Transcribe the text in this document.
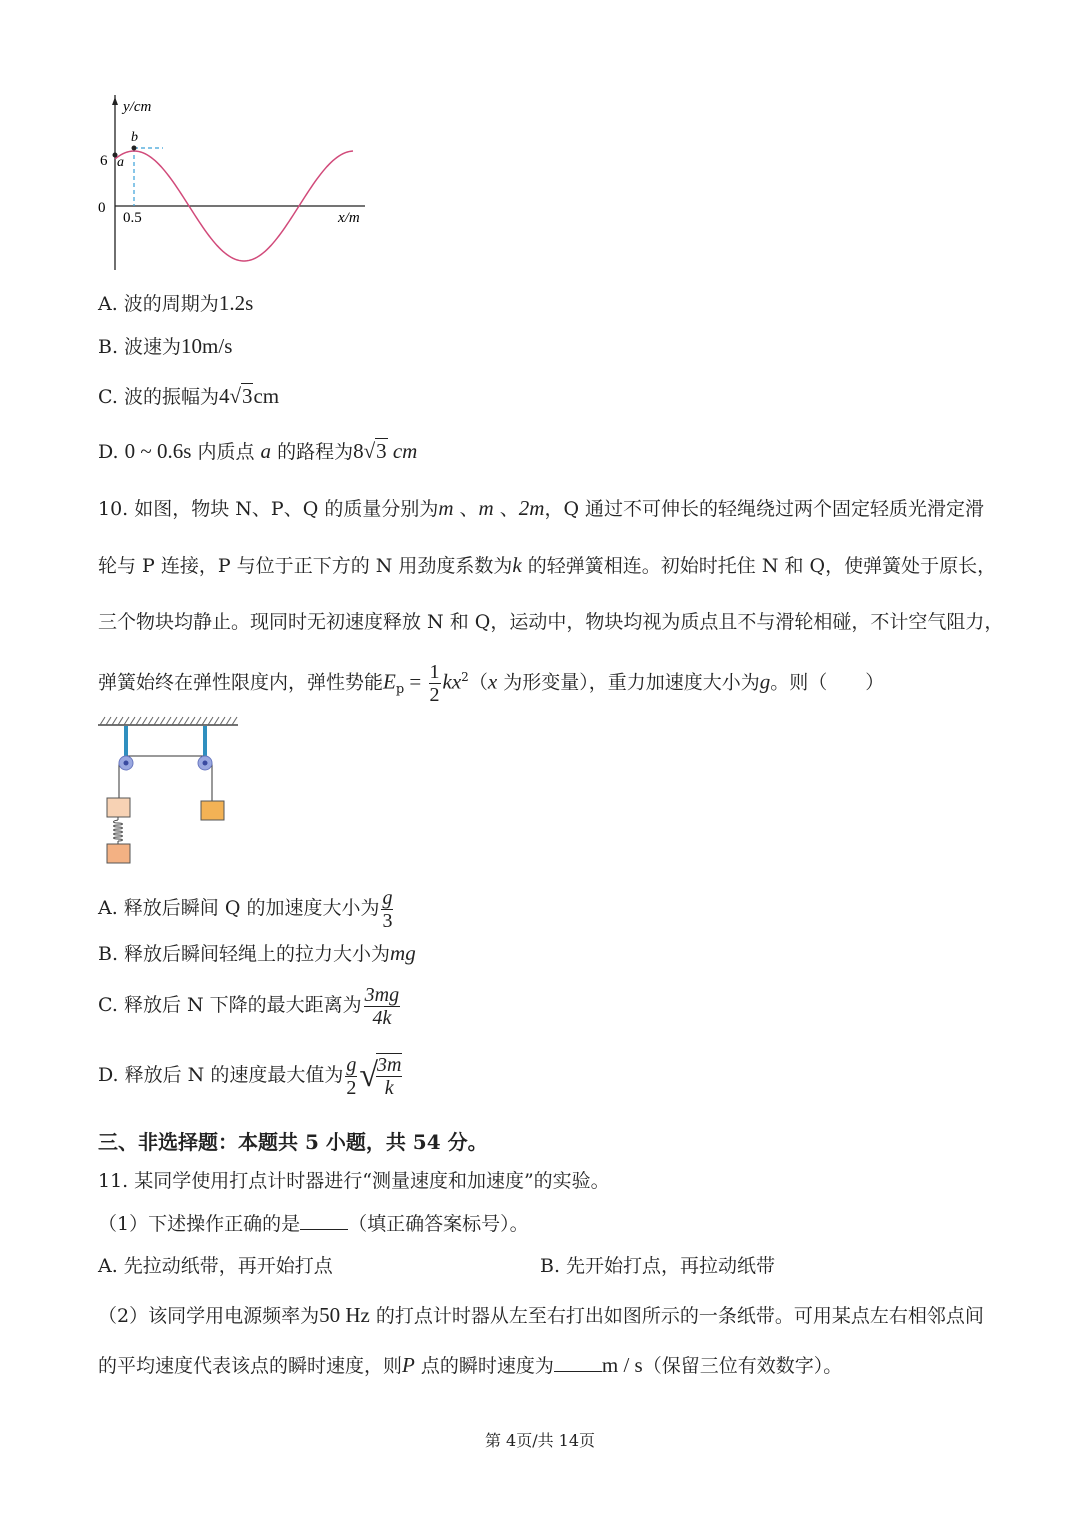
y/cm
x/m
0
6
0.5
a
b
A. 波的周期为1.2s
B. 波速为10m/s
C. 波的振幅为4√3cm
D. 0 ~ 0.6s 内质点 a 的路程为8√3 cm
10. 如图，物块 N、P、Q 的质量分别为m 、m 、2m，Q 通过不可伸长的轻绳绕过两个固定轻质光滑定滑
轮与 P 连接，P 与位于正下方的 N 用劲度系数为k 的轻弹簧相连。初始时托住 N 和 Q，使弹簧处于原长，
三个物块均静止。现同时无初速度释放 N 和 Q，运动中，物块均视为质点且不与滑轮相碰，不计空气阻力，
弹簧始终在弹性限度内，弹性势能$E_p = \frac{1}{2} kx^2(x$ 为形变量），重力加速度大小为g。则（　　）
A. 释放后瞬间 Q 的加速度大小为 $\frac{g}{3}$
B. 释放后瞬间轻绳上的拉力大小为mg
C. 释放后 N 下降的最大距离为 $\frac{3mg}{4k}$
D. 释放后 N 的速度最大值为 $\frac{g}{2}$ √
$\frac{3m}{k}$
三、非选择题：本题共 5 小题，共 54 分。
11. 某同学使用打点计时器进行“测量速度和加速度”的实验。
（1）下述操作正确的是	（填正确答案标号）。
A. 先拉动纸带，再开始打点	B. 先开始打点，再拉动纸带
（2）该同学用电源频率为50 Hz 的打点计时器从左至右打出如图所示的一条纸带。可用某点左右相邻点间
的平均速度代表该点的瞬时速度，则P 点的瞬时速度为 m / s（保留三位有效数字）。
第 4页/共 14页
